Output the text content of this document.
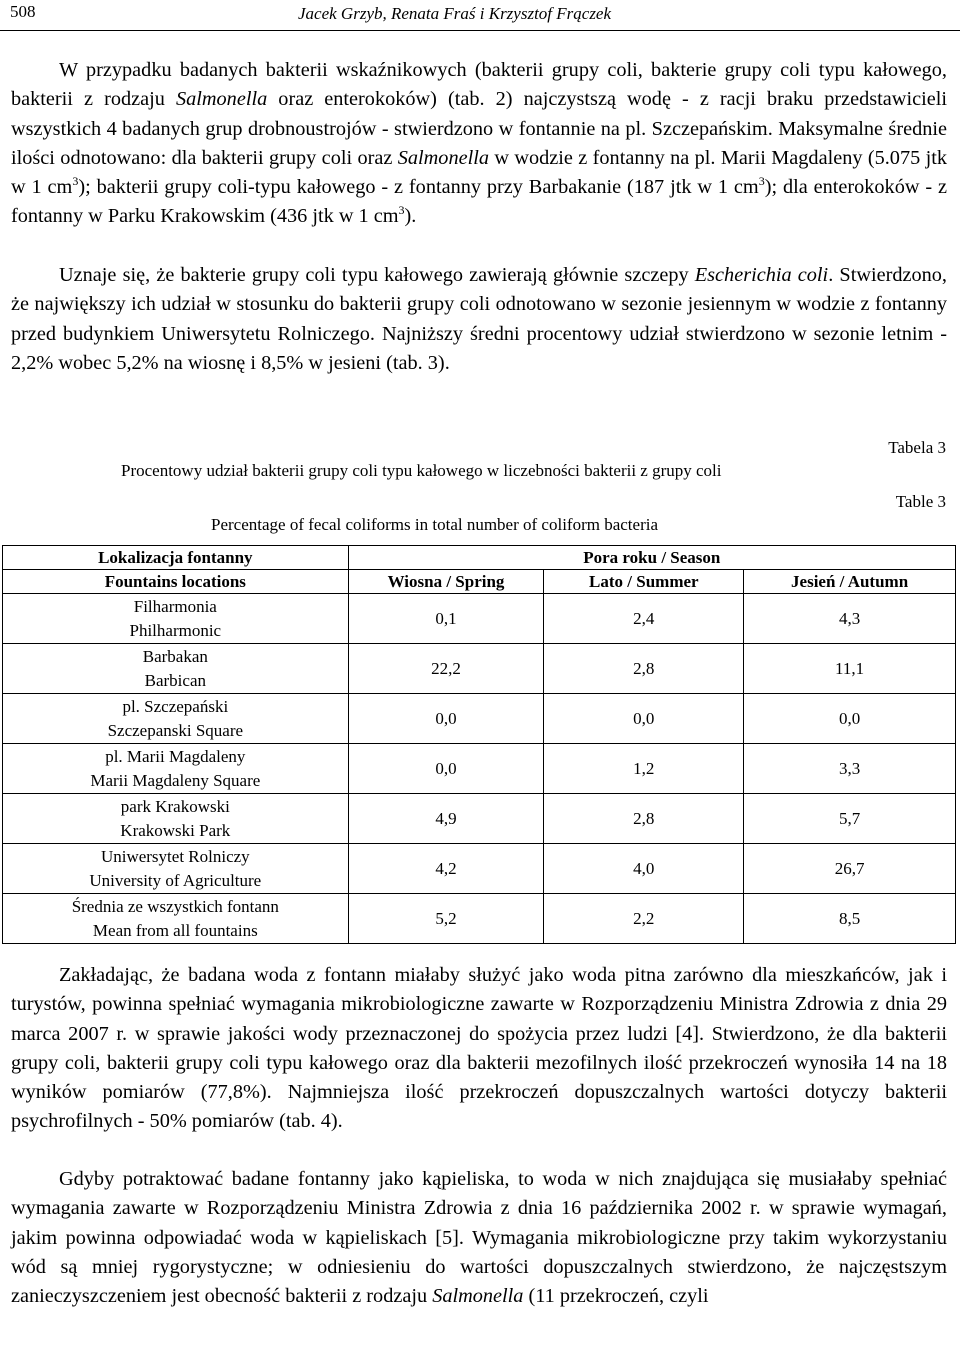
508	Jacek Grzyb, Renata Fraś i Krzysztof Frączek

W przypadku badanych bakterii wskaźnikowych (bakterii grupy coli, bakterie grupy coli typu kałowego, bakterii z rodzaju Salmonella oraz enterokoków) (tab. 2) najczystszą wodę - z racji braku przedstawicieli wszystkich 4 badanych grup drobnoustrojów - stwierdzono w fontannie na pl. Szczepańskim. Maksymalne średnie ilości odnotowano: dla bakterii grupy coli oraz Salmonella w wodzie z fontanny na pl. Marii Magdaleny (5.075 jtk w 1 $cm^3$); bakterii grupy coli-typu kałowego - z fontanny przy Barbakanie (187 jtk w 1 $cm^3$); dla enterokoków - z fontanny w Parku Krakowskim (436 jtk w 1 $cm^3$).

Uznaje się, że bakterie grupy coli typu kałowego zawierają głównie szczepy Escherichia coli. Stwierdzono, że największy ich udział w stosunku do bakterii grupy coli odnotowano w sezonie jesiennym w wodzie z fontanny przed budynkiem Uniwersytetu Rolniczego. Najniższy średni procentowy udział stwierdzono w sezonie letnim - 2,2% wobec 5,2% na wiosnę i 8,5% w jesieni (tab. 3).

Tabela 3
Procentowy udział bakterii grupy coli typu kałowego w liczebności bakterii z grupy coli
Table 3
Percentage of fecal coliforms in total number of coliform bacteria
Lokalizacja fontanny	Pora roku / Season		
Fountains locations	Wiosna / Spring	Lato / Summer	Jesień / Autumn

Filharmonia
Philharmonic	0,1	2,4	4,3

Barbakan
Barbican	22,2	2,8	11,1

pl. Szczepański
Szczepanski Square	0,0	0,0	0,0

pl. Marii Magdaleny
Marii Magdaleny Square	0,0	1,2	3,3

park Krakowski
Krakowski Park	4,9	2,8	5,7

Uniwersytet Rolniczy
University of Agriculture	4,2	4,0	26,7

Średnia ze wszystkich fontann
Mean from all fountains	5,2	2,2	8,5

Zakładając, że badana woda z fontann miałaby służyć jako woda pitna zarówno dla mieszkańców, jak i turystów, powinna spełniać wymagania mikrobiologiczne zawarte w Rozporządzeniu Ministra Zdrowia z dnia 29 marca 2007 r. w sprawie jakości wody przeznaczonej do spożycia przez ludzi [4]. Stwierdzono, że dla bakterii grupy coli, bakterii grupy coli typu kałowego oraz dla bakterii mezofilnych ilość przekroczeń wynosiła 14 na 18 wyników pomiarów (77,8%). Najmniejsza ilość przekroczeń dopuszczalnych wartości dotyczy bakterii psychrofilnych - 50% pomiarów (tab. 4).

Gdyby potraktować badane fontanny jako kąpieliska, to woda w nich znajdująca się musiałaby spełniać wymagania zawarte w Rozporządzeniu Ministra Zdrowia z dnia 16 października 2002 r. w sprawie wymagań, jakim powinna odpowiadać woda w kąpieliskach [5]. Wymagania mikrobiologiczne przy takim wykorzystaniu wód są mniej rygorystyczne; w odniesieniu do wartości dopuszczalnych stwierdzono, że najczęstszym zanieczyszczeniem jest obecność bakterii z rodzaju Salmonella (11 przekroczeń, czyli
